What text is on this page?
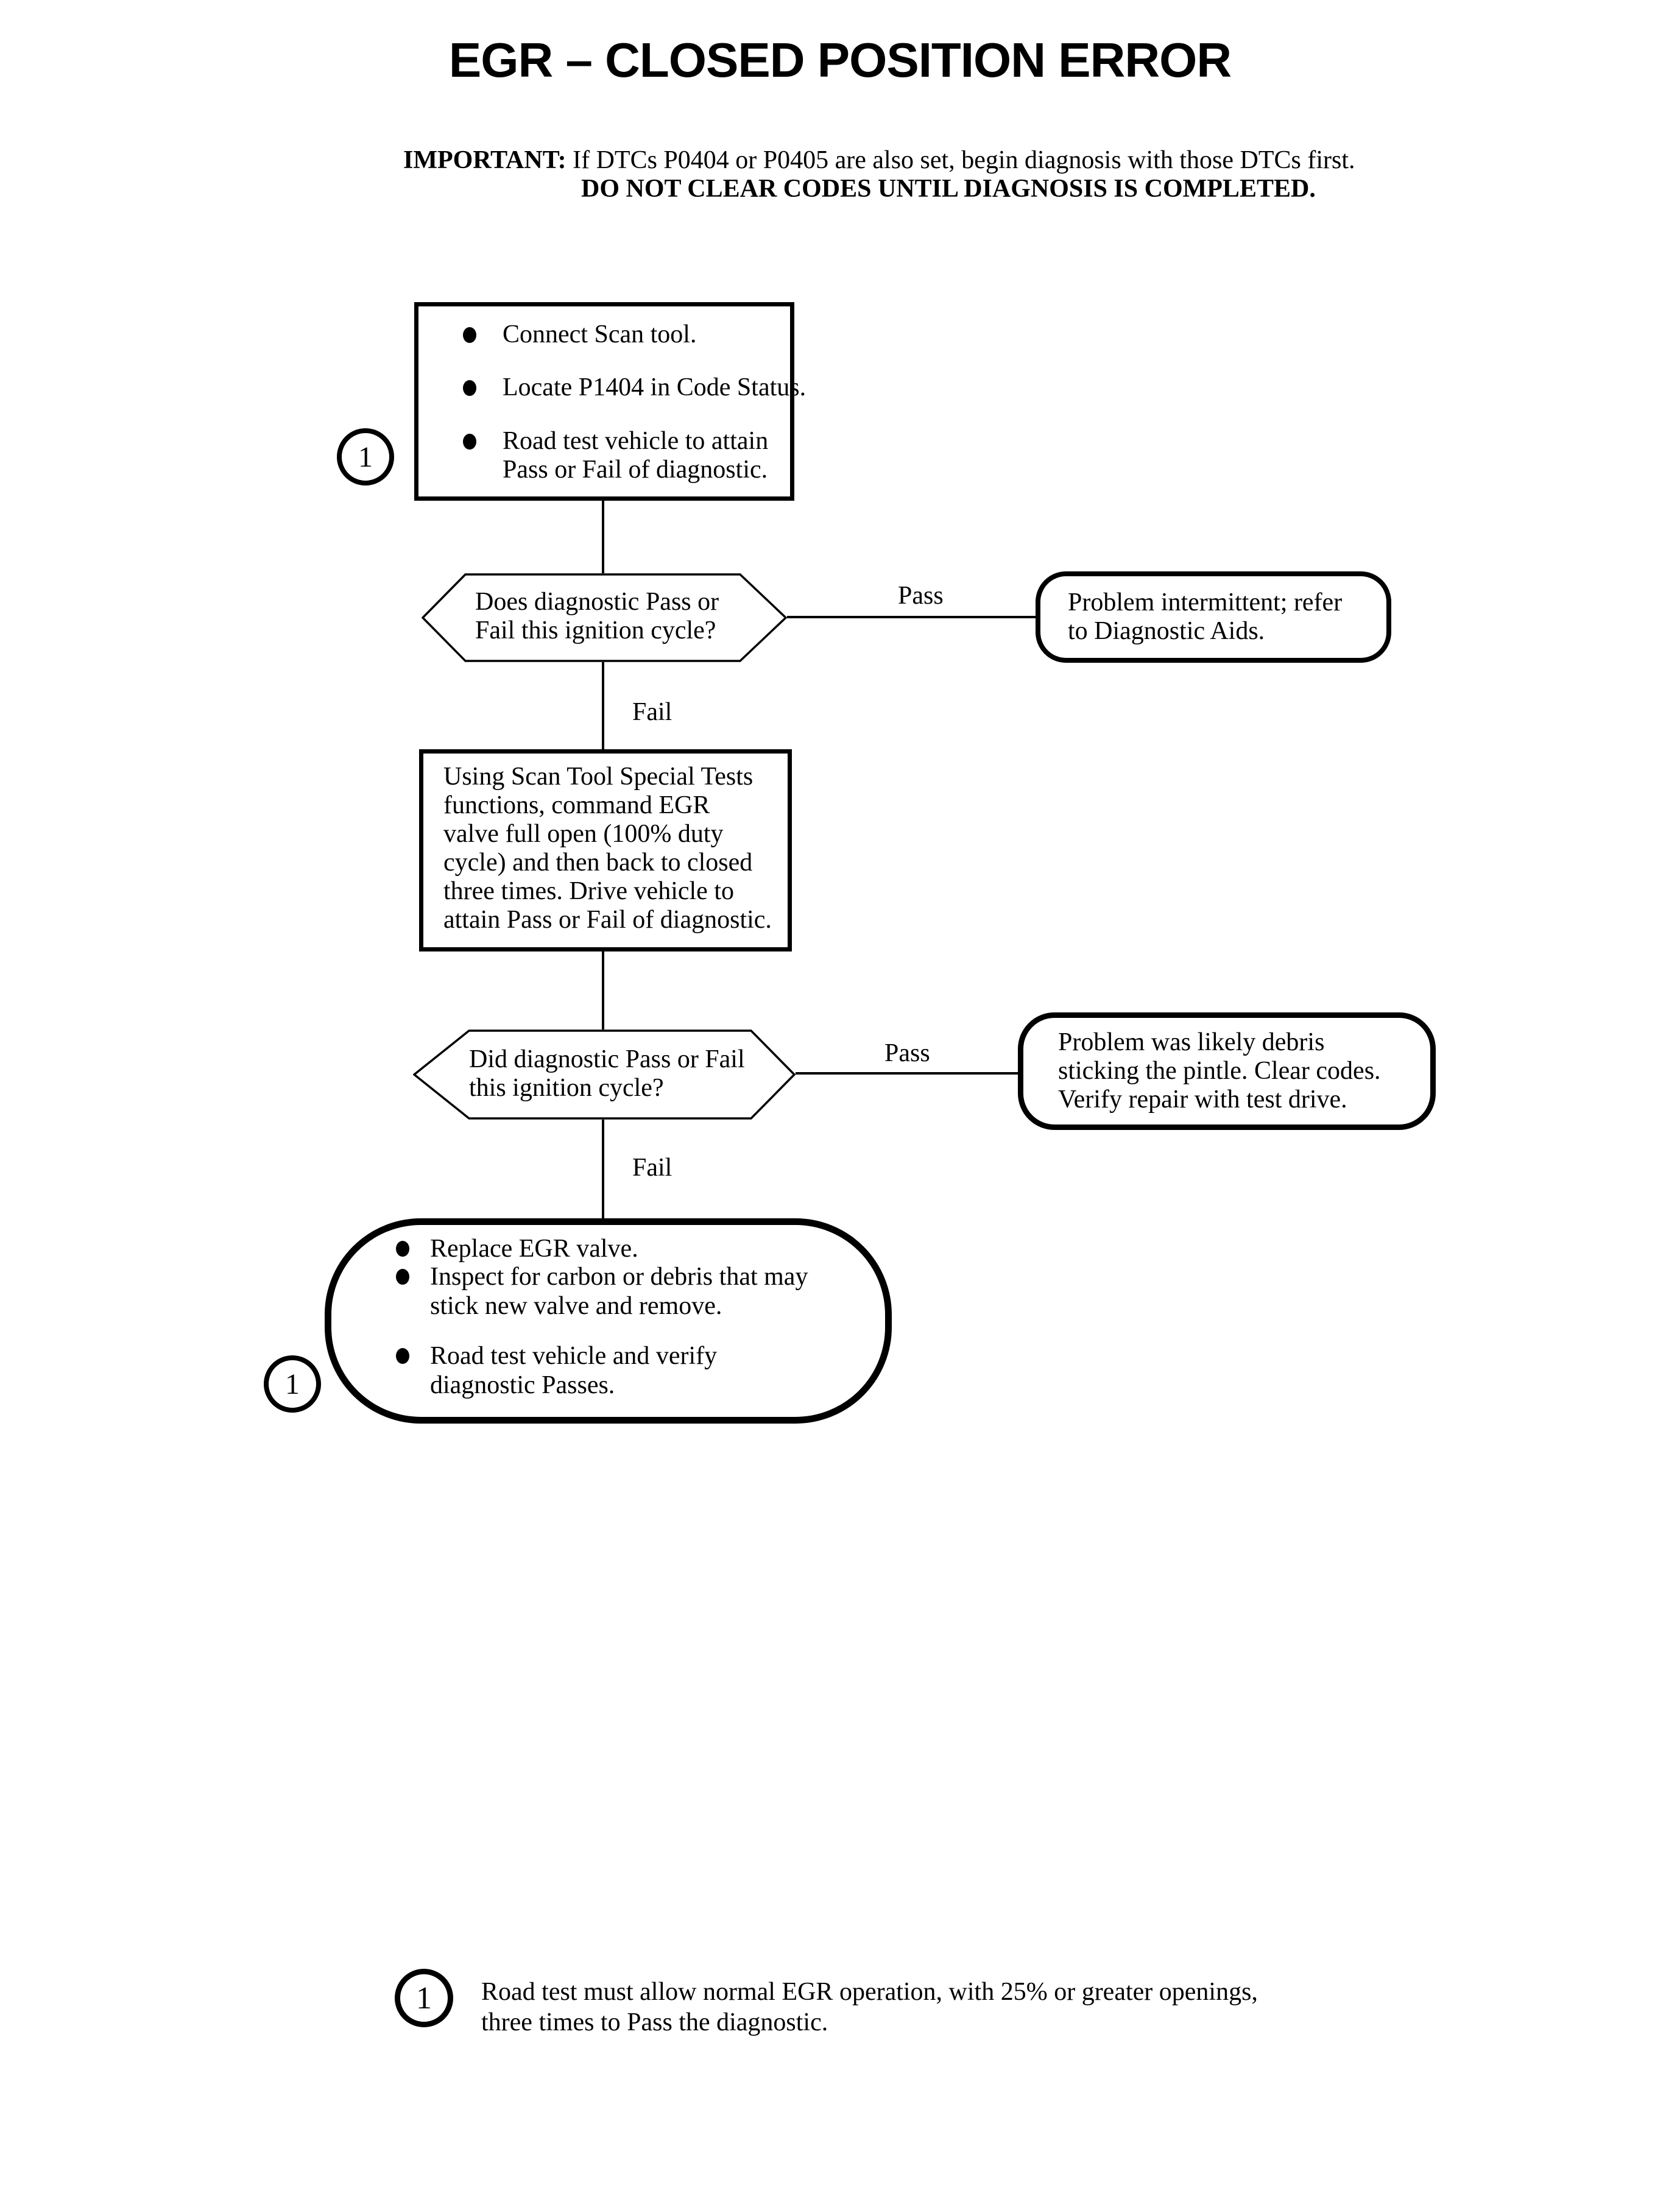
EGR – CLOSED POSITION ERROR
IMPORTANT: If DTCs P0404 or P0405 are also set, begin diagnosis with those DTCs first.
DO NOT CLEAR CODES UNTIL DIAGNOSIS IS COMPLETED.
1
Connect Scan tool.
Locate P1404 in Code Status.
Road test vehicle to attain
Pass or Fail of diagnostic.
Does diagnostic Pass or
Fail this ignition cycle?
Pass	Problem intermittent; refer
to Diagnostic Aids.
Fail
Using Scan Tool Special Tests
functions, command EGR
valve full open (100% duty
cycle) and then back to closed
three times. Drive vehicle to
attain Pass or Fail of diagnostic.
Did diagnostic Pass or Fail
this ignition cycle?
Pass	Problem was likely debris
sticking the pintle. Clear codes.
Verify repair with test drive.
Fail
1
Replace EGR valve.
Inspect for carbon or debris that may
stick new valve and remove.
Road test vehicle and verify
diagnostic Passes.
1 Road test must allow normal EGR operation, with 25% or greater openings,
three times to Pass the diagnostic.
